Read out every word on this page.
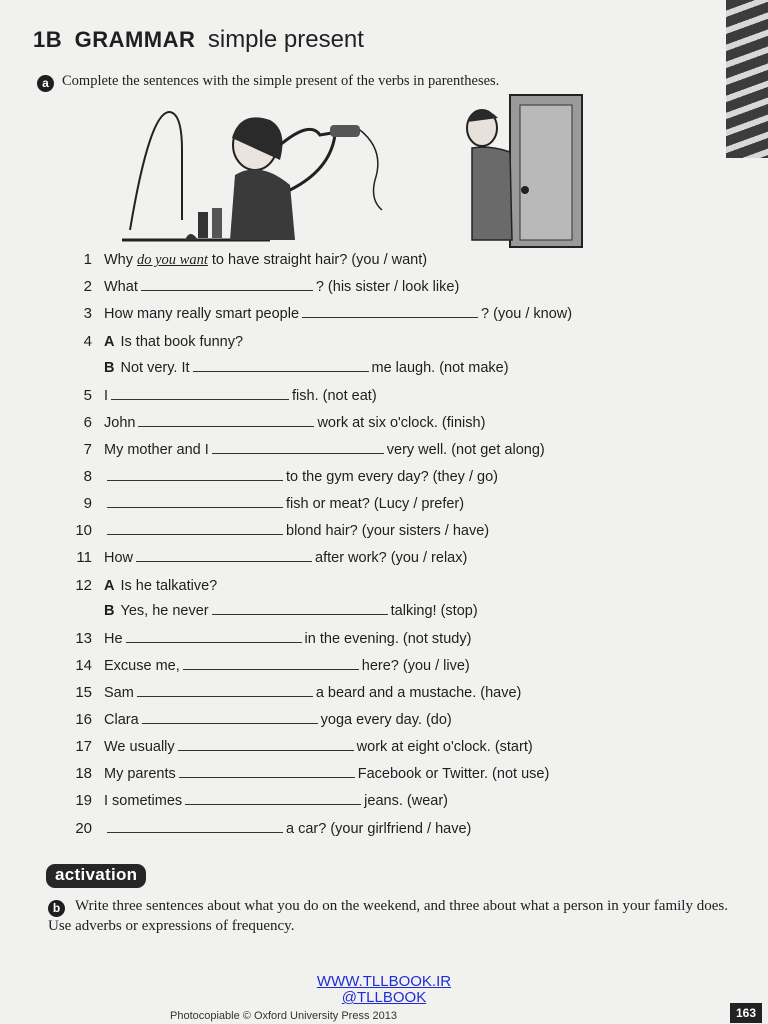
1B GRAMMAR simple present
a Complete the sentences with the simple present of the verbs in parentheses.
1 Why do you want to have straight hair? (you / want)
2 What	? (his sister / look like)
3 How many really smart people	? (you / know)
4 A Is that book funny?
B Not very. It	me laugh. (not make)
5 I	fish. (not eat)
6 John	work at six o'clock. (finish)
7 My mother and I	very well. (not get along)
8	to the gym every day? (they / go)
9	fish or meat? (Lucy / prefer)
10	blond hair? (your sisters / have)
11 How	after work? (you / relax)
12 A Is he talkative?
B Yes, he never	talking! (stop)
13 He	in the evening. (not study)
14 Excuse me,	here? (you / live)
15 Sam	a beard and a mustache. (have)
16 Clara	yoga every day. (do)
17 We usually	work at eight o'clock. (start)
18 My parents	Facebook or Twitter. (not use)
19 I sometimes	jeans. (wear)
20	a car? (your girlfriend / have)
activation
b Write three sentences about what you do on the weekend, and three about what a person in your family does. Use adverbs or expressions of frequency.
WWW.TLLBOOK.IR
@TLLBOOK
Photocopiable © Oxford University Press 2013	163
